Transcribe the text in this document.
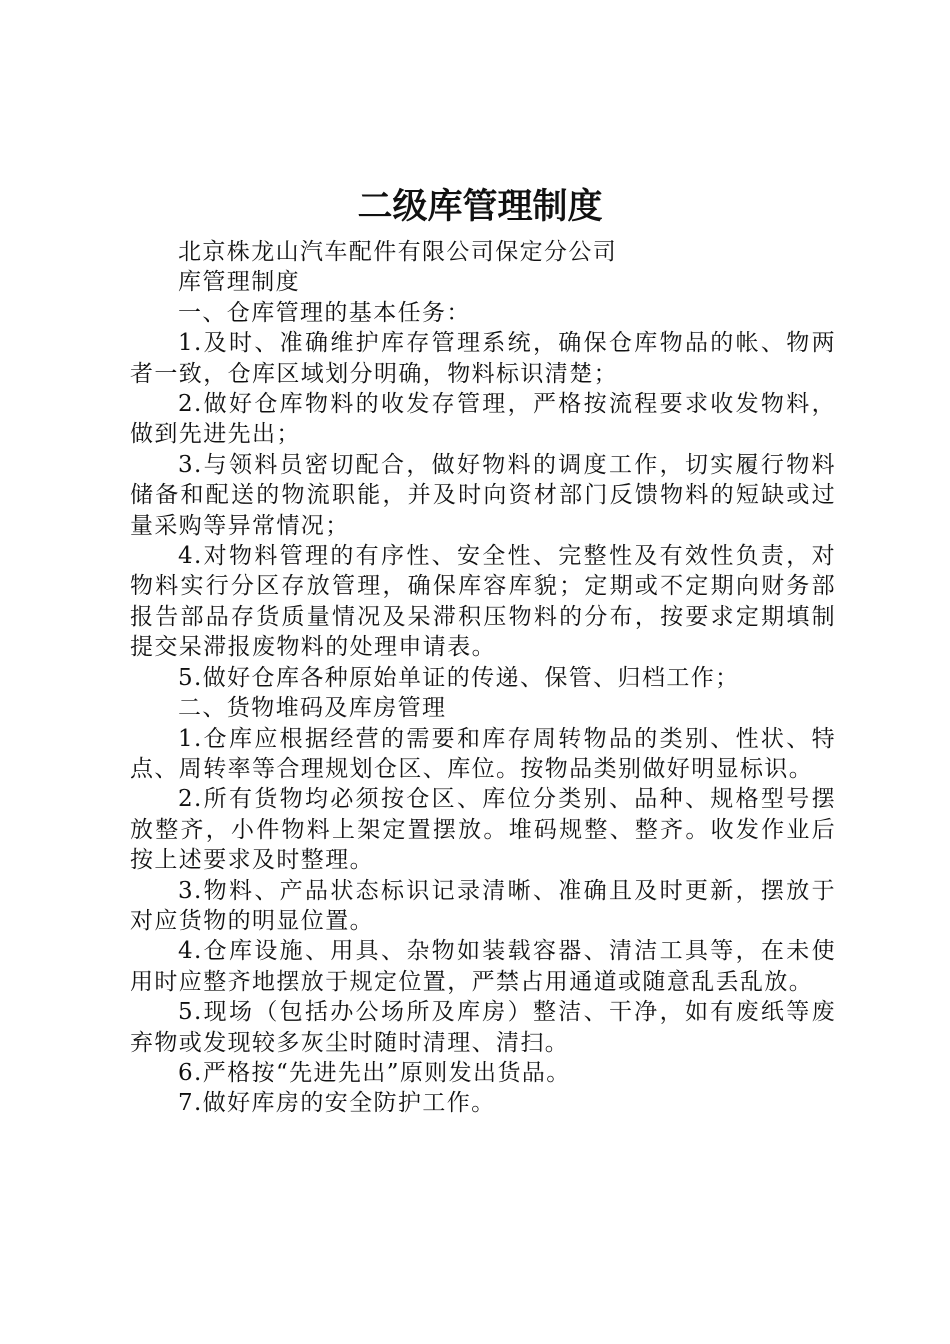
二级库管理制度

北京株龙山汽车配件有限公司保定分公司

库管理制度

一、仓库管理的基本任务：

1.及时、准确维护库存管理系统，确保仓库物品的帐、物两者一致，仓库区域划分明确，物料标识清楚；

2.做好仓库物料的收发存管理，严格按流程要求收发物料，做到先进先出；

3.与领料员密切配合，做好物料的调度工作，切实履行物料储备和配送的物流职能，并及时向资材部门反馈物料的短缺或过量采购等异常情况；

4.对物料管理的有序性、安全性、完整性及有效性负责，对物料实行分区存放管理，确保库容库貌；定期或不定期向财务部报告部品存货质量情况及呆滞积压物料的分布，按要求定期填制提交呆滞报废物料的处理申请表。

5.做好仓库各种原始单证的传递、保管、归档工作；

二、货物堆码及库房管理

1.仓库应根据经营的需要和库存周转物品的类别、性状、特点、周转率等合理规划仓区、库位。按物品类别做好明显标识。

2.所有货物均必须按仓区、库位分类别、品种、规格型号摆放整齐，小件物料上架定置摆放。堆码规整、整齐。收发作业后按上述要求及时整理。

3.物料、产品状态标识记录清晰、准确且及时更新，摆放于对应货物的明显位置。

4.仓库设施、用具、杂物如装载容器、清洁工具等，在未使用时应整齐地摆放于规定位置，严禁占用通道或随意乱丢乱放。

5.现场（包括办公场所及库房）整洁、干净，如有废纸等废弃物或发现较多灰尘时随时清理、清扫。

6.严格按“先进先出”原则发出货品。

7.做好库房的安全防护工作。
